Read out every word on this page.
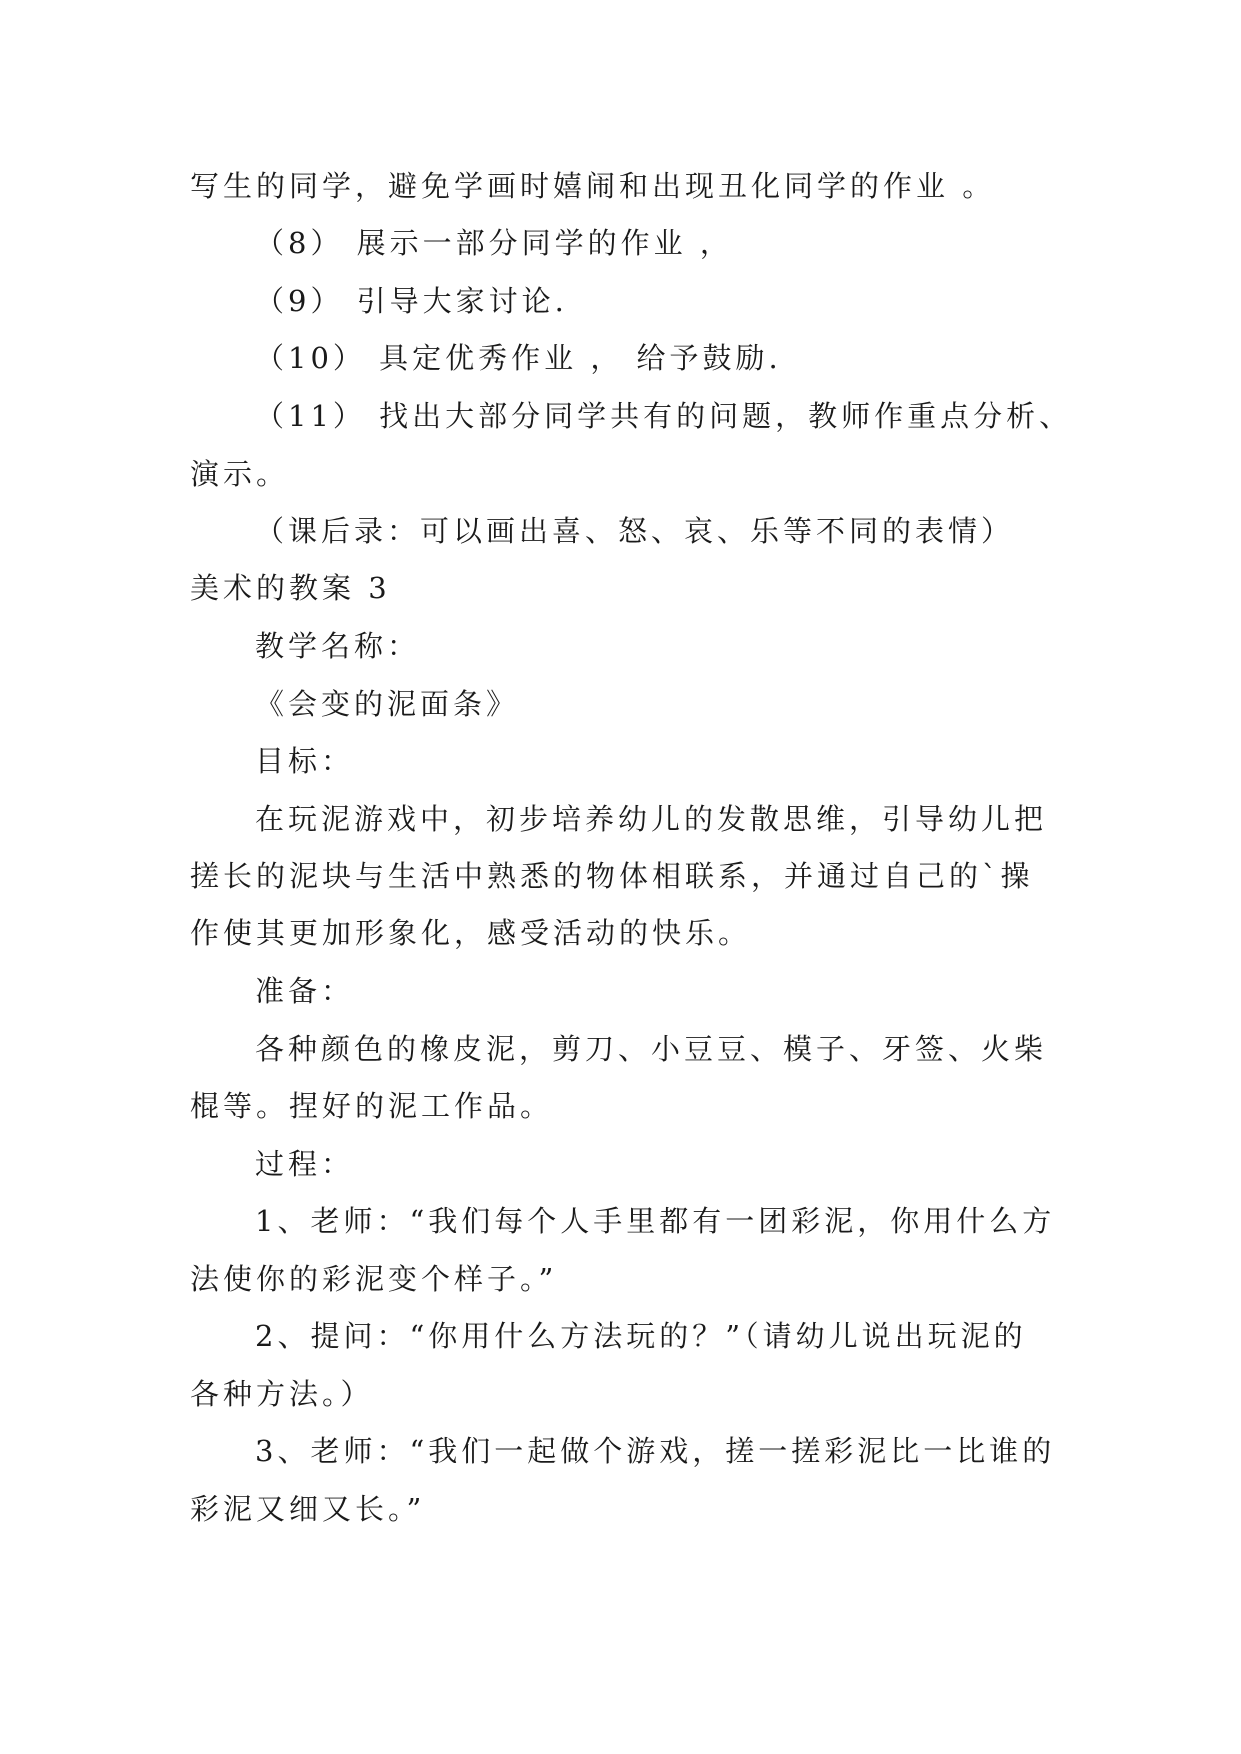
写生的同学，避免学画时嬉闹和出现丑化同学的作业 。
（8） 展示一部分同学的作业 ，
（9） 引导大家讨论.
（10） 具定优秀作业 ， 给予鼓励.
（11） 找出大部分同学共有的问题，教师作重点分析、
演示。
（课后录：可以画出喜、怒、哀、乐等不同的表情）
美术的教案 3
教学名称：
《会变的泥面条》
目标：
在玩泥游戏中，初步培养幼儿的发散思维，引导幼儿把
搓长的泥块与生活中熟悉的物体相联系，并通过自己的`操
作使其更加形象化，感受活动的快乐。
准备：
各种颜色的橡皮泥，剪刀、小豆豆、模子、牙签、火柴
棍等。捏好的泥工作品。
过程：
1、老师：“我们每个人手里都有一团彩泥，你用什么方
法使你的彩泥变个样子。”
2、提问：“你用什么方法玩的？”（请幼儿说出玩泥的
各种方法。）
3、老师：“我们一起做个游戏，搓一搓彩泥比一比谁的
彩泥又细又长。”
